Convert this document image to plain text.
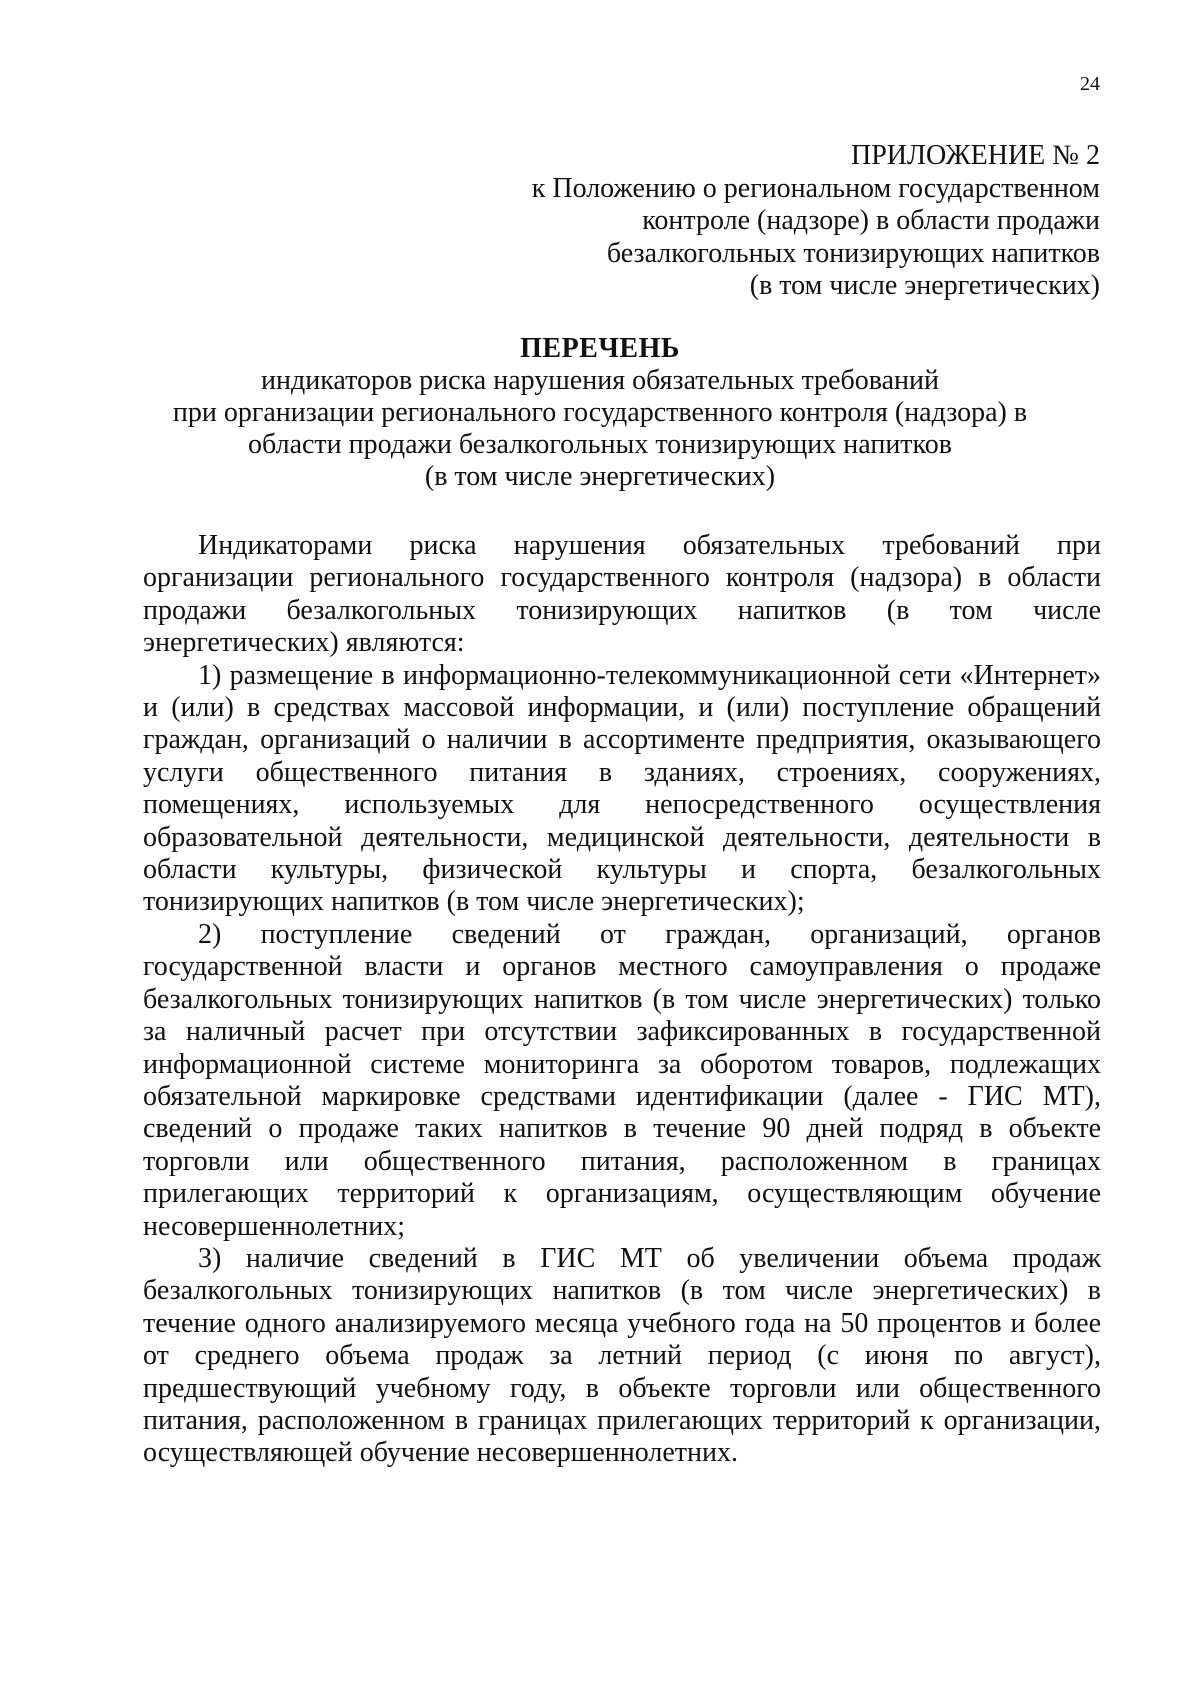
24
ПРИЛОЖЕНИЕ № 2
к Положению о региональном государственном
контроле (надзоре) в области продажи
безалкогольных тонизирующих напитков
(в том числе энергетических)
ПЕРЕЧЕНЬ
индикаторов риска нарушения обязательных требований
при организации регионального государственного контроля (надзора) в
области продажи безалкогольных тонизирующих напитков
(в том числе энергетических)

Индикаторами риска нарушения обязательных требований при организации регионального государственного контроля (надзора) в области продажи безалкогольных тонизирующих напитков (в том числе энергетических) являются:

1) размещение в информационно-телекоммуникационной сети «Интернет» и (или) в средствах массовой информации, и (или) поступление обращений граждан, организаций о наличии в ассортименте предприятия, оказывающего услуги общественного питания в зданиях, строениях, сооружениях, помещениях, используемых для непосредственного осуществления образовательной деятельности, медицинской деятельности, деятельности в области культуры, физической культуры и спорта, безалкогольных тонизирующих напитков (в том числе энергетических);

2) поступление сведений от граждан, организаций, органов государственной власти и органов местного самоуправления о продаже безалкогольных тонизирующих напитков (в том числе энергетических) только за наличный расчет при отсутствии зафиксированных в государственной информационной системе мониторинга за оборотом товаров, подлежащих обязательной маркировке средствами идентификации (далее - ГИС МТ), сведений о продаже таких напитков в течение 90 дней подряд в объекте торговли или общественного питания, расположенном в границах прилегающих территорий к организациям, осуществляющим обучение несовершеннолетних;

3) наличие сведений в ГИС МТ об увеличении объема продаж безалкогольных тонизирующих напитков (в том числе энергетических) в течение одного анализируемого месяца учебного года на 50 процентов и более от среднего объема продаж за летний период (с июня по август), предшествующий учебному году, в объекте торговли или общественного питания, расположенном в границах прилегающих территорий к организации, осуществляющей обучение несовершеннолетних.
